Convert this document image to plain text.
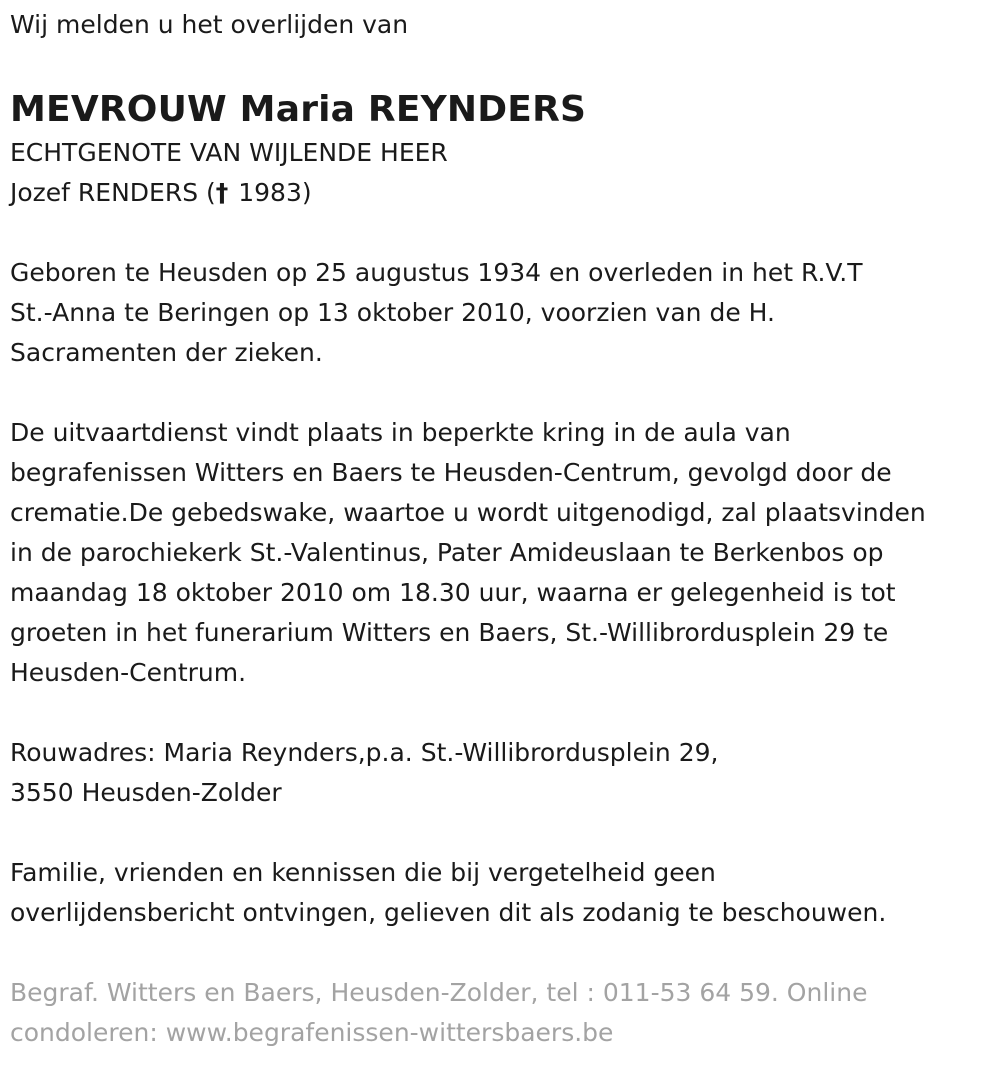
Wij melden u het overlijden van

MEVROUW Maria REYNDERS

ECHTGENOTE VAN WIJLENDE HEER

Jozef RENDERS († 1983)

Geboren te Heusden op 25 augustus 1934 en overleden in het R.V.T

St.-Anna te Beringen op 13 oktober 2010, voorzien van de H.

Sacramenten der zieken.

De uitvaartdienst vindt plaats in beperkte kring in de aula van

begrafenissen Witters en Baers te Heusden-Centrum, gevolgd door de

crematie.De gebedswake, waartoe u wordt uitgenodigd, zal plaatsvinden

in de parochiekerk St.-Valentinus, Pater Amideuslaan te Berkenbos op

maandag 18 oktober 2010 om 18.30 uur, waarna er gelegenheid is tot

groeten in het funerarium Witters en Baers, St.-Willibrordusplein 29 te

Heusden-Centrum.

Rouwadres: Maria Reynders,p.a. St.-Willibrordusplein 29,

3550 Heusden-Zolder

Familie, vrienden en kennissen die bij vergetelheid geen

overlijdensbericht ontvingen, gelieven dit als zodanig te beschouwen.

Begraf. Witters en Baers, Heusden-Zolder, tel : 011-53 64 59. Online

condoleren: www.begrafenissen-wittersbaers.be
